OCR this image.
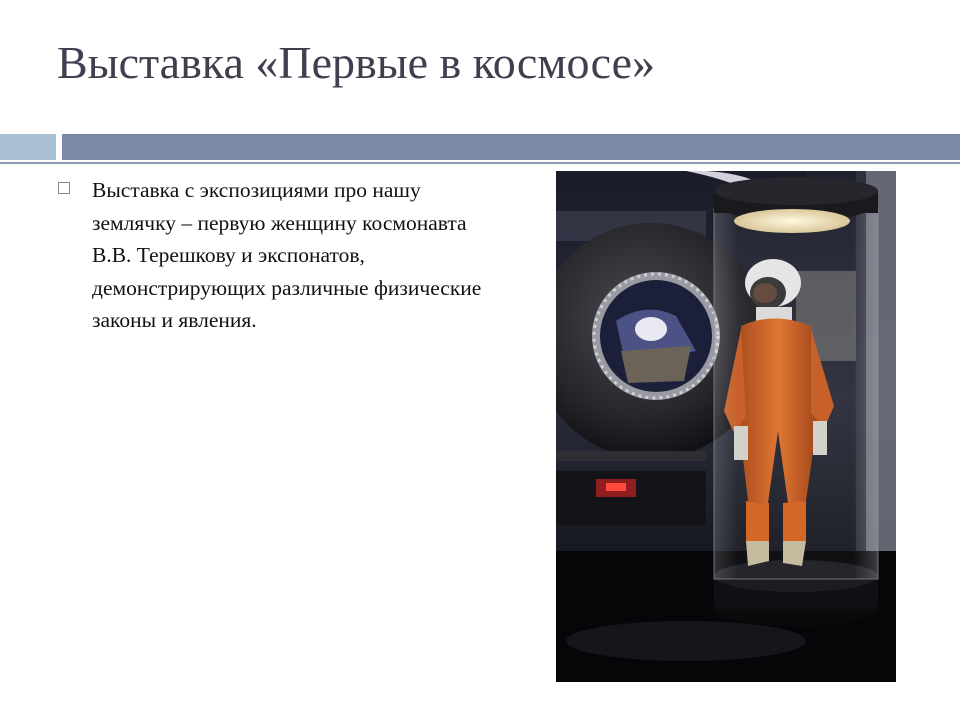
Выставка «Первые в космосе»
Выставка с экспозициями про нашу землячку – первую женщину космонавта В.В. Терешкову и экспонатов, демонстрирующих различные физические законы и явления.
